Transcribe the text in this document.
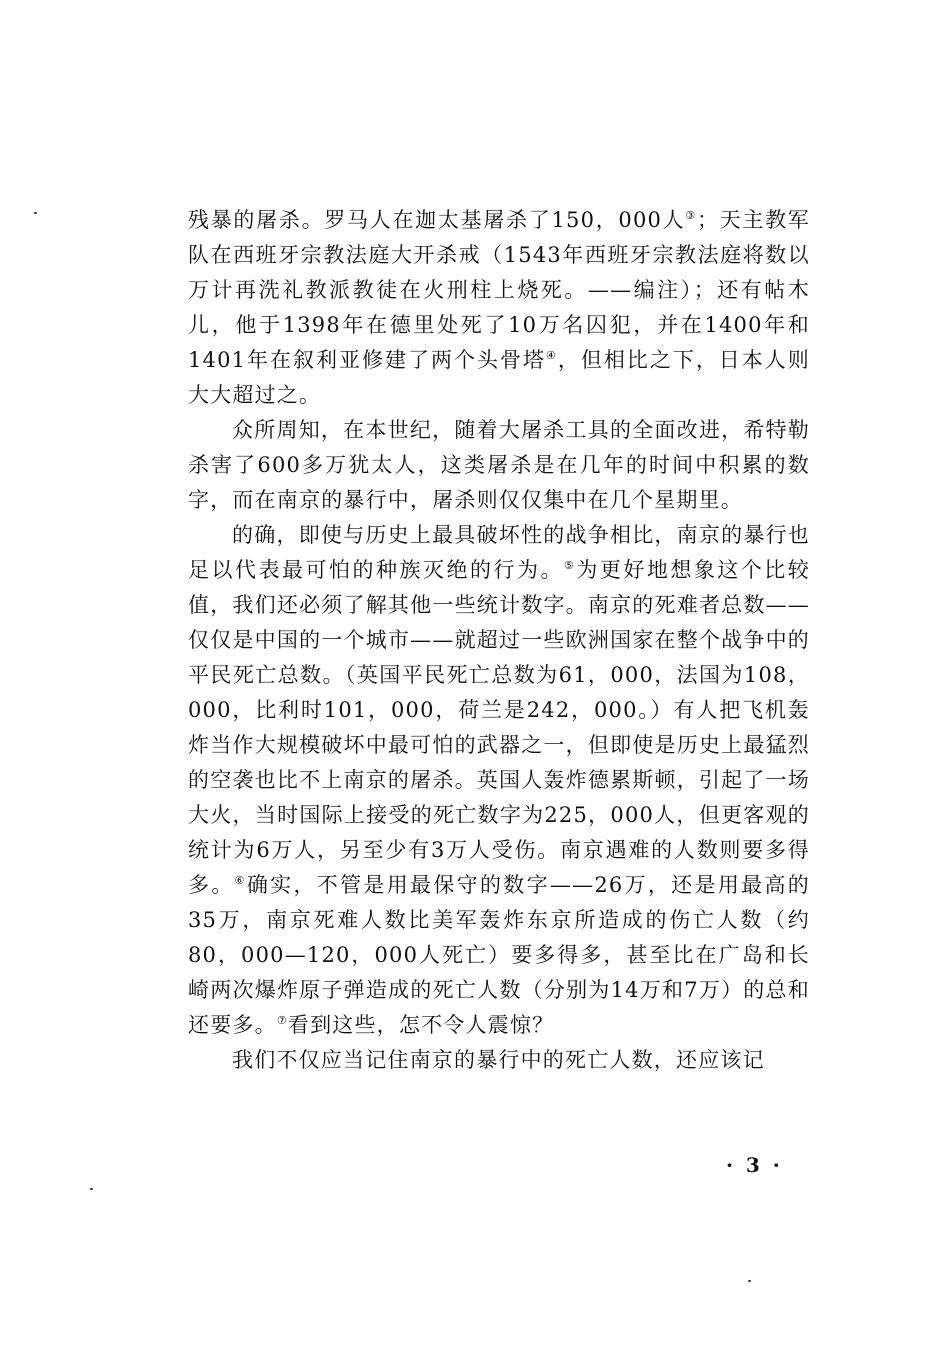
残暴的屠杀。罗马人在迦太基屠杀了150，000人③；天主教军队在西班牙宗教法庭大开杀戒（1543年西班牙宗教法庭将数以万计再洗礼教派教徒在火刑柱上烧死。——编注）；还有帖木儿，他于1398年在德里处死了10万名囚犯，并在1400年和1401年在叙利亚修建了两个头骨塔④，但相比之下，日本人则大大超过之。

众所周知，在本世纪，随着大屠杀工具的全面改进，希特勒杀害了600多万犹太人，这类屠杀是在几年的时间中积累的数字，而在南京的暴行中，屠杀则仅仅集中在几个星期里。

的确，即使与历史上最具破坏性的战争相比，南京的暴行也足以代表最可怕的种族灭绝的行为。⑤为更好地想象这个比较值，我们还必须了解其他一些统计数字。南京的死难者总数——仅仅是中国的一个城市——就超过一些欧洲国家在整个战争中的平民死亡总数。（英国平民死亡总数为61，000，法国为108，000，比利时101，000，荷兰是242，000。）有人把飞机轰炸当作大规模破坏中最可怕的武器之一，但即使是历史上最猛烈的空袭也比不上南京的屠杀。英国人轰炸德累斯顿，引起了一场大火，当时国际上接受的死亡数字为225，000人，但更客观的统计为6万人，另至少有3万人受伤。南京遇难的人数则要多得多。⑥确实，不管是用最保守的数字——26万，还是用最高的35万，南京死难人数比美军轰炸东京所造成的伤亡人数（约80，000—120，000人死亡）要多得多，甚至比在广岛和长崎两次爆炸原子弹造成的死亡人数（分别为14万和7万）的总和还要多。⑦看到这些，怎不令人震惊？

我们不仅应当记住南京的暴行中的死亡人数，还应该记

· 3 ·
